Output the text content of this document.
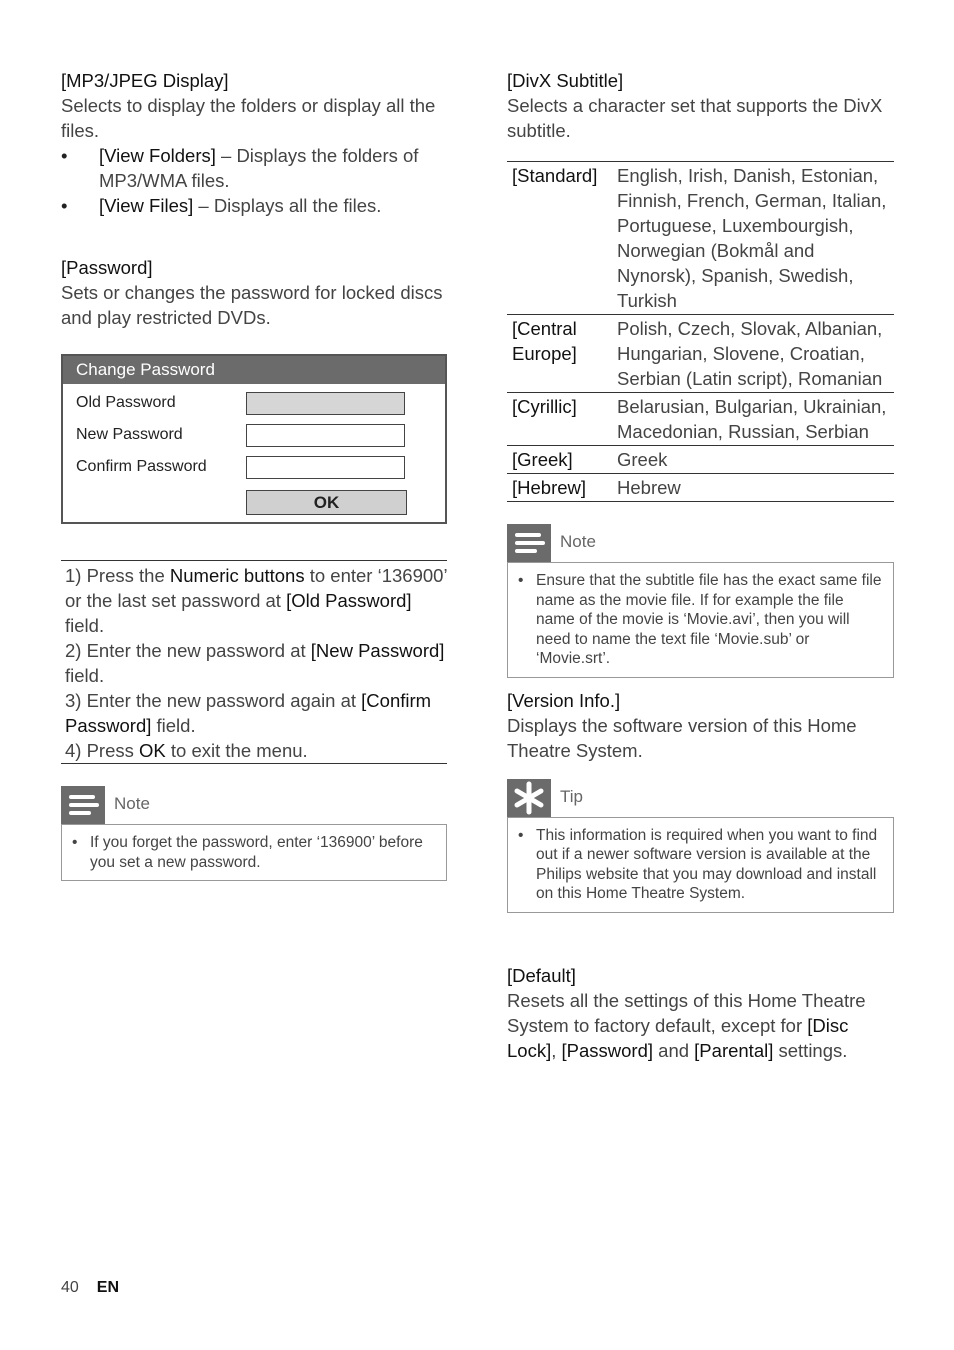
[MP3/JPEG Display]

Selects to display the folders or display all the files.

• [View Folders] – Displays the folders of MP3/WMA files.
• [View Files] – Displays all the files.

[Password]

Sets or changes the password for locked discs and play restricted DVDs.

Change Password
Old Password
New Password
Confirm Password
OK

1) Press the Numeric buttons to enter ‘136900’ or the last set password at [Old Password] field.

2) Enter the new password at [New Password] field.

3) Enter the new password again at [Confirm Password] field.

4) Press OK to exit the menu.

Note
• If you forget the password, enter ‘136900’ before you set a new password.

[DivX Subtitle]

Selects a character set that supports the DivX subtitle.

[Standard]	English, Irish, Danish, Estonian, Finnish, French, German, Italian, Portuguese, Luxembourgish, Norwegian (Bokmål and Nynorsk), Spanish, Swedish, Turkish
[Central Europe]	Polish, Czech, Slovak, Albanian, Hungarian, Slovene, Croatian, Serbian (Latin script), Romanian
[Cyrillic]	Belarusian, Bulgarian, Ukrainian, Macedonian, Russian, Serbian
[Greek]	Greek
[Hebrew]	Hebrew
Note
• Ensure that the subtitle file has the exact same file name as the movie file. If for example the file name of the movie is ‘Movie.avi’, then you will need to name the text file ‘Movie.sub’ or ‘Movie.srt’.

[Version Info.]

Displays the software version of this Home Theatre System.

Tip
• This information is required when you want to find out if a newer software version is available at the Philips website that you may download and install on this Home Theatre System.

[Default]

Resets all the settings of this Home Theatre System to factory default, except for [Disc Lock], [Password] and [Parental] settings.

40 EN
